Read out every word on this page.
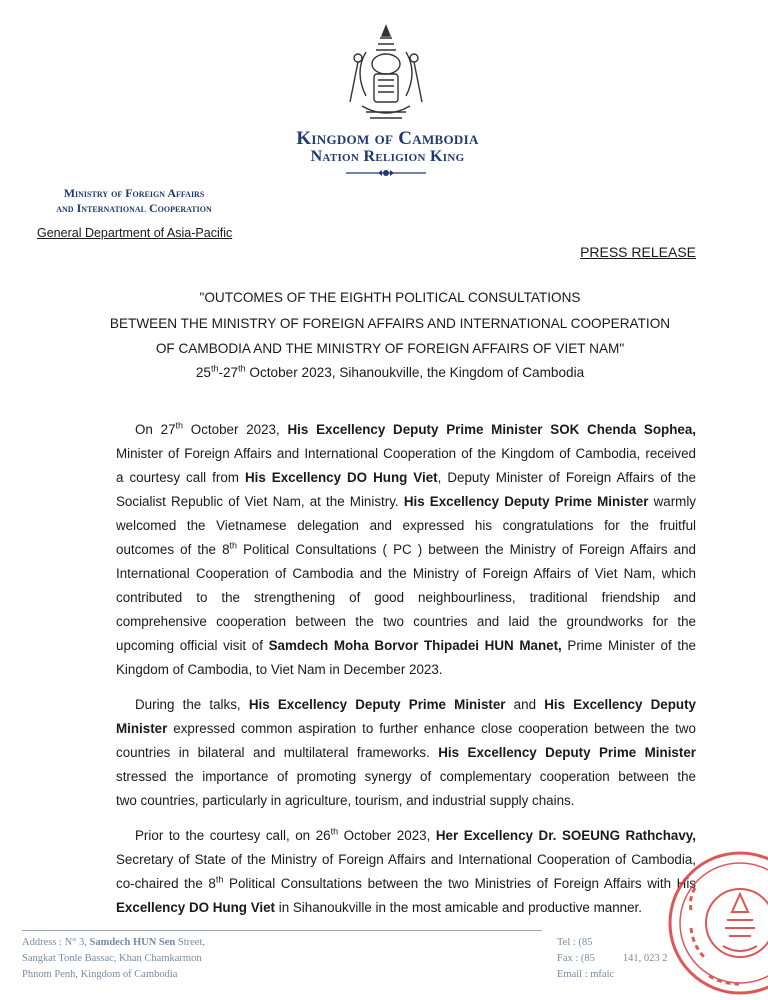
Kingdom of Cambodia
Nation Religion King
Ministry of Foreign Affairs
and International Cooperation
General Department of Asia-Pacific
PRESS RELEASE
"OUTCOMES OF THE EIGHTH POLITICAL CONSULTATIONS
BETWEEN THE MINISTRY OF FOREIGN AFFAIRS AND INTERNATIONAL COOPERATION
OF CAMBODIA AND THE MINISTRY OF FOREIGN AFFAIRS OF VIET NAM"
25th-27th October 2023, Sihanoukville, the Kingdom of Cambodia
On 27th October 2023, His Excellency Deputy Prime Minister SOK Chenda Sophea,
Minister of Foreign Affairs and International Cooperation of the Kingdom of Cambodia, received
a courtesy call from His Excellency DO Hung Viet, Deputy Minister of Foreign Affairs of the
Socialist Republic of Viet Nam, at the Ministry. His Excellency Deputy Prime Minister warmly
welcomed the Vietnamese delegation and expressed his congratulations for the fruitful
outcomes of the 8th Political Consultations ( PC ) between the Ministry of Foreign Affairs and
International Cooperation of Cambodia and the Ministry of Foreign Affairs of Viet Nam, which
contributed to the strengthening of good neighbourliness, traditional friendship and
comprehensive cooperation between the two countries and laid the groundworks for the
upcoming official visit of Samdech Moha Borvor Thipadei HUN Manet, Prime Minister of the
Kingdom of Cambodia, to Viet Nam in December 2023.
During the talks, His Excellency Deputy Prime Minister and His Excellency Deputy
Minister expressed common aspiration to further enhance close cooperation between the two
countries in bilateral and multilateral frameworks. His Excellency Deputy Prime Minister
stressed the importance of promoting synergy of complementary cooperation between the
two countries, particularly in agriculture, tourism, and industrial supply chains.
Prior to the courtesy call, on 26th October 2023, Her Excellency Dr. SOEUNG Rathchavy,
Secretary of State of the Ministry of Foreign Affairs and International Cooperation of Cambodia,
co-chaired the 8th Political Consultations between the two Ministries of Foreign Affairs with His
Excellency DO Hung Viet in Sihanoukville in the most amicable and productive manner.
Address : N° 3, Samdech HUN Sen Street,
Sangkat Tonle Bassac, Khan Chamkarmon
Phnom Penh, Kingdom of Cambodia
Tel : (85
Fax : (85	141, 023 2
Email : mfaic
